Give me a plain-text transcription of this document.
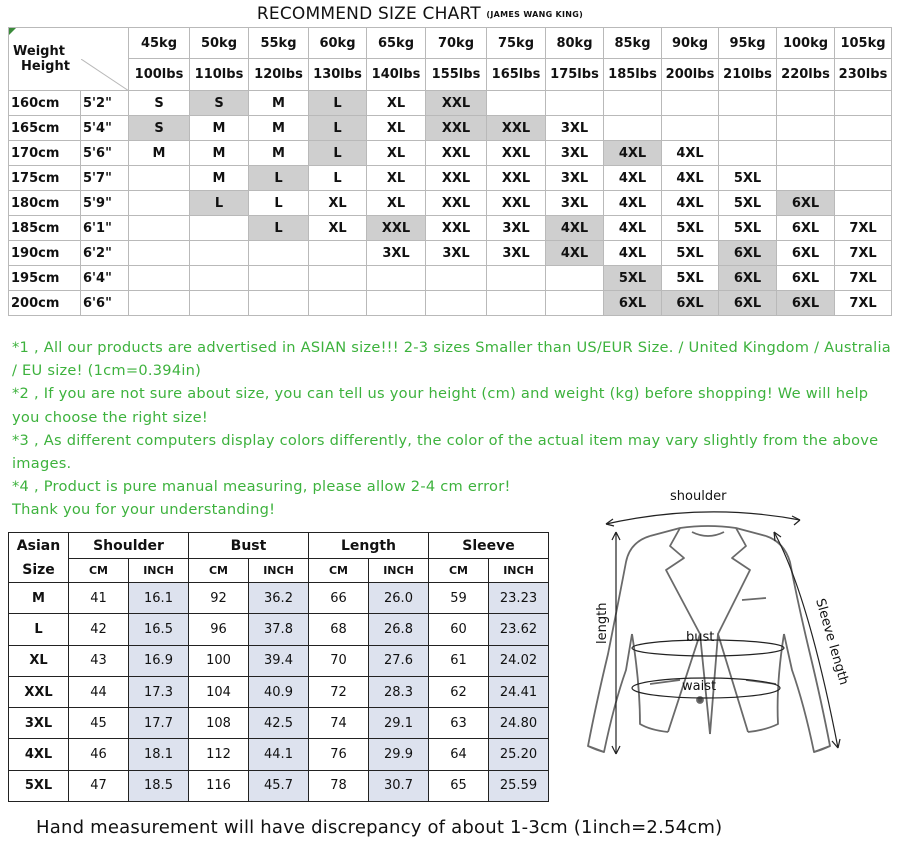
RECOMMEND SIZE CHART $^{(JAMES WANG KING)}$
Weight		45kg	50kg	55kg	60kg	65kg	70kg	75kg	80kg	85kg	90kg	95kg	100kg	105kg
Height		100lbs	110lbs	120lbs	130lbs	140lbs	155lbs	165lbs	175lbs	185lbs	200lbs	210lbs	220lbs	230lbs
160cm	5'2"	S	S	M	L	XL	XXL							
165cm	5'4"	S	M	M	L	XL	XXL	XXL	3XL					
170cm	5'6"	M	M	M	L	XL	XXL	XXL	3XL	4XL	4XL			
175cm	5'7"		M	L	L	XL	XXL	XXL	3XL	4XL	4XL	5XL		
180cm	5'9"		L	L	XL	XL	XXL	XXL	3XL	4XL	4XL	5XL	6XL	
185cm	6'1"			L	XL	XXL	XXL	3XL	4XL	4XL	5XL	5XL	6XL	7XL
190cm	6'2"					3XL	3XL	3XL	4XL	4XL	5XL	6XL	6XL	7XL
195cm	6'4"									5XL	5XL	6XL	6XL	7XL
200cm	6'6"									6XL	6XL	6XL	6XL	7XL

*1 , All our products are advertised in ASIAN size!!! 2-3 sizes Smaller than US/EUR Size. / United Kingdom / Australia / EU size! (1cm=0.394in)

*2 , If you are not sure about size, you can tell us your height (cm) and weight (kg) before shopping! We will help you choose the right size!

*3 , As different computers display colors differently, the color of the actual item may vary slightly from the above images.

*4 , Product is pure manual measuring, please allow 2-4 cm error!

Thank you for your understanding!

Asian	Shoulder		Bust		Length		Sleeve	
Size	CM	INCH	CM	INCH	CM	INCH	CM	INCH
M	41	16.1	92	36.2	66	26.0	59	23.23
L	42	16.5	96	37.8	68	26.8	60	23.62
XL	43	16.9	100	39.4	70	27.6	61	24.02
XXL	44	17.3	104	40.9	72	28.3	62	24.41
3XL	45	17.7	108	42.5	74	29.1	63	24.80
4XL	46	18.1	112	44.1	76	29.9	64	25.20
5XL	47	18.5	116	45.7	78	30.7	65	25.59
shoulder
length	bust
waist	Sleeve length
Hand measurement will have discrepancy of about 1-3cm (1inch=2.54cm)
